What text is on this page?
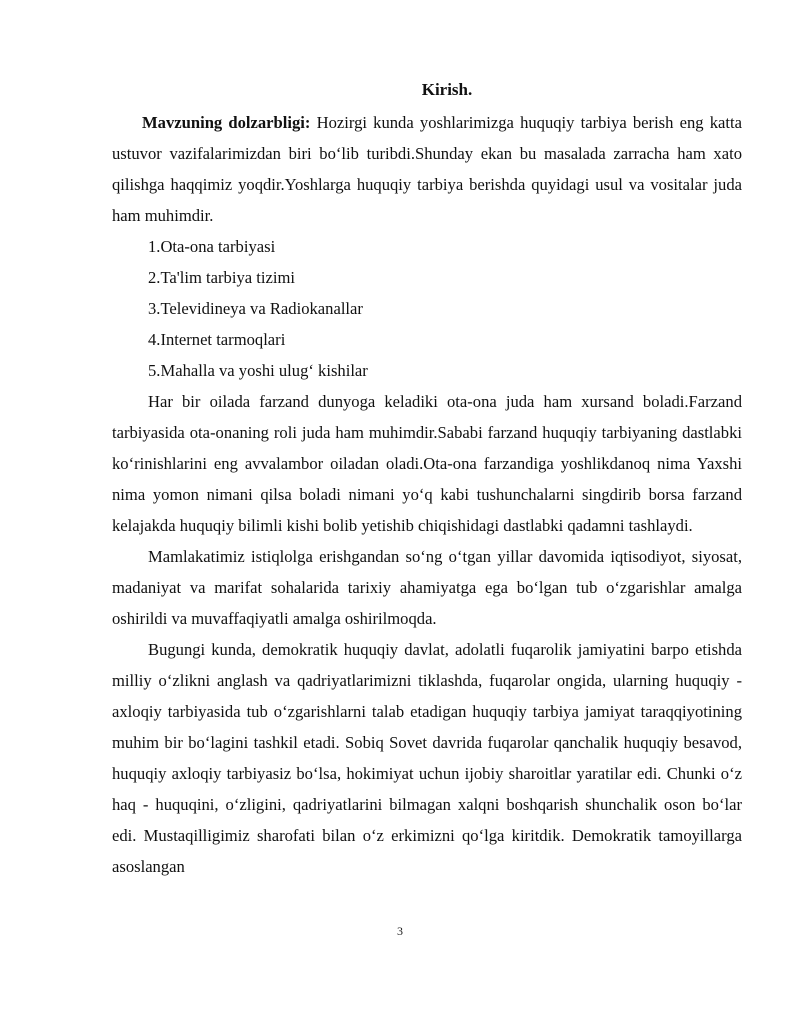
Kirish.

Mavzuning dolzarbligi: Hozirgi kunda yoshlarimizga huquqiy tarbiya berish eng katta ustuvor vazifalarimizdan biri bo‘lib turibdi.Shunday ekan bu masalada zarracha ham xato qilishga haqqimiz yoqdir.Yoshlarga huquqiy tarbiya berishda quyidagi usul va vositalar juda ham muhimdir.

1.Ota-ona tarbiyasi

2.Ta'lim tarbiya tizimi

3.Televidineya va Radiokanallar

4.Internet tarmoqlari

5.Mahalla va yoshi ulug‘ kishilar

Har bir oilada farzand dunyoga keladiki ota-ona juda ham xursand boladi.Farzand tarbiyasida ota-onaning roli juda ham muhimdir.Sababi farzand huquqiy tarbiyaning dastlabki ko‘rinishlarini eng avvalambor oiladan oladi.Ota-ona farzandiga yoshlikdanoq nima Yaxshi nima yomon nimani qilsa boladi nimani yo‘q kabi tushunchalarni singdirib borsa farzand kelajakda huquqiy bilimli kishi bolib yetishib chiqishidagi dastlabki qadamni tashlaydi.

Mamlakatimiz istiqlolga erishgandan so‘ng o‘tgan yillar davomida iqtisodiyot, siyosat, madaniyat va marifat sohalarida tarixiy ahamiyatga ega bo‘lgan tub o‘zgarishlar amalga oshirildi va muvaffaqiyatli amalga oshirilmoqda.

Bugungi kunda, demokratik huquqiy davlat, adolatli fuqarolik jamiyatini barpo etishda milliy o‘zlikni anglash va qadriyatlarimizni tiklashda, fuqarolar ongida, ularning huquqiy - axloqiy tarbiyasida tub o‘zgarishlarni talab etadigan huquqiy tarbiya jamiyat taraqqiyotining muhim bir bo‘lagini tashkil etadi. Sobiq Sovet davrida fuqarolar qanchalik huquqiy besavod, huquqiy axloqiy tarbiyasiz bo‘lsa, hokimiyat uchun ijobiy sharoitlar yaratilar edi. Chunki o‘z haq - huquqini, o‘zligini, qadriyatlarini bilmagan xalqni boshqarish shunchalik oson bo‘lar edi. Mustaqilligimiz sharofati bilan o‘z erkimizni qo‘lga kiritdik. Demokratik tamoyillarga asoslangan

3
